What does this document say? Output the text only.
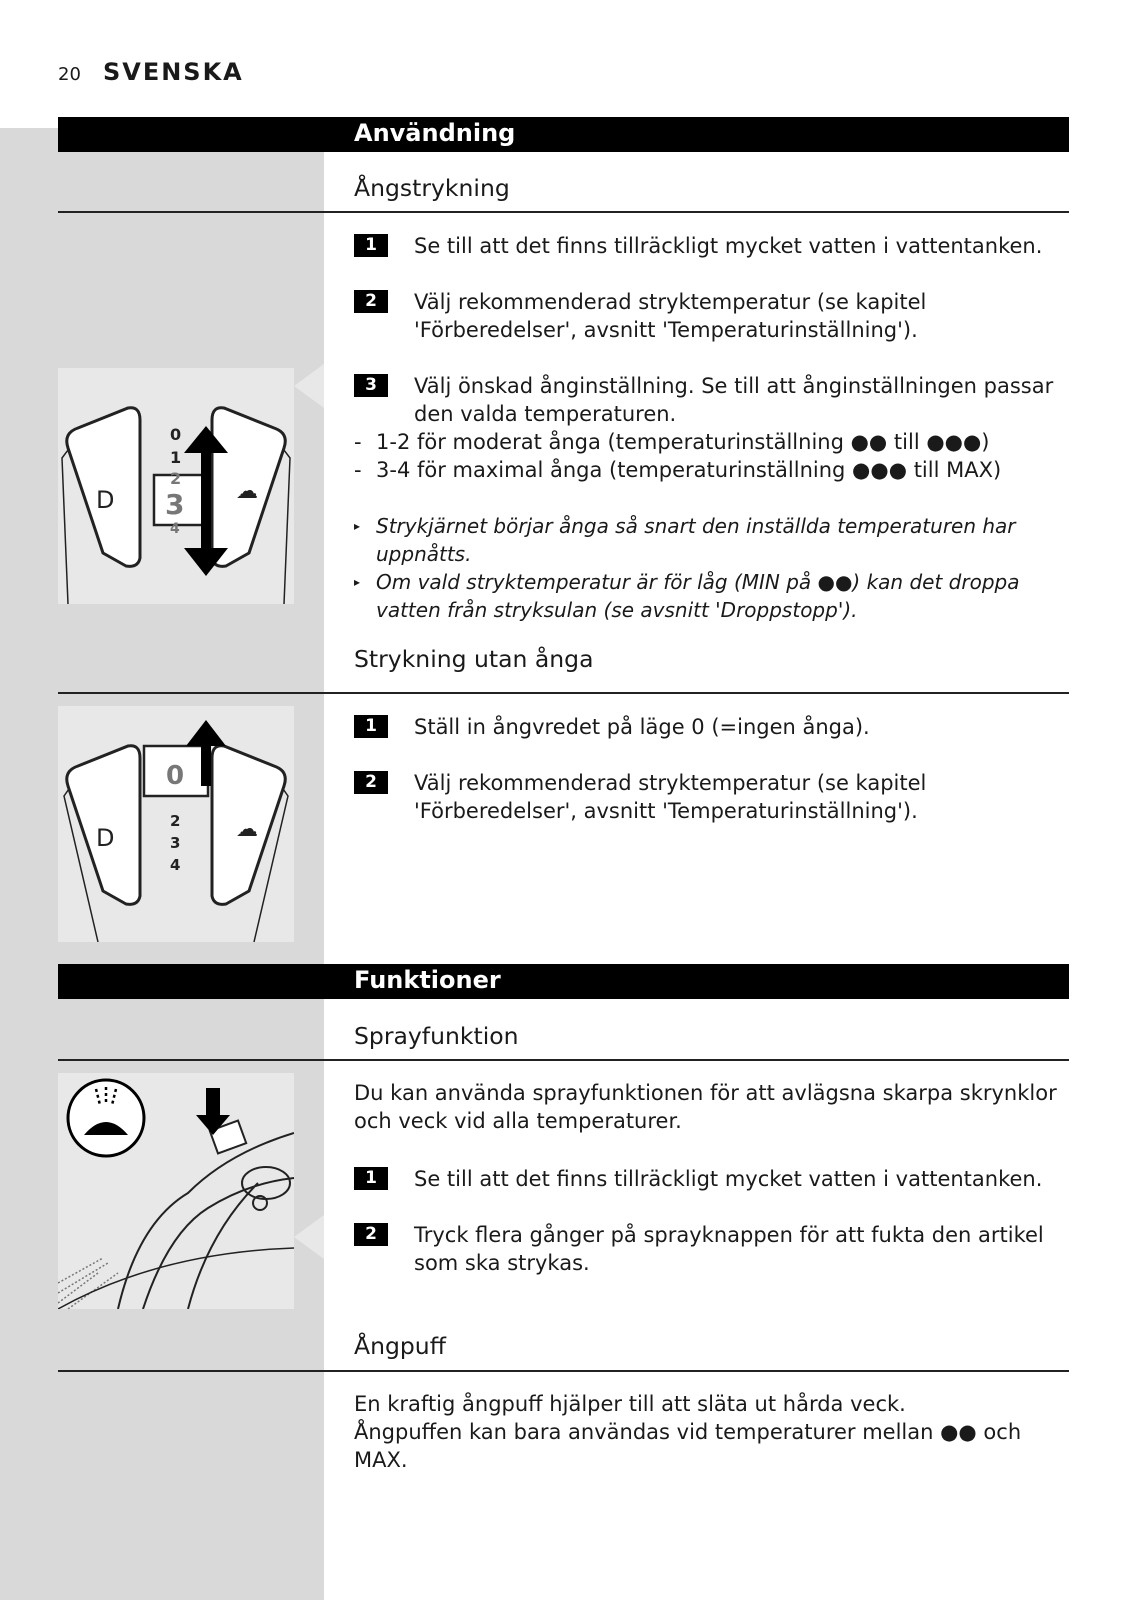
20 SVENSKA
Användning
Ångstrykning
1	Se till att det finns tillräckligt mycket vatten i vattentanken.
2	Välj rekommenderad stryktemperatur (se kapitel 'Förberedelser', avsnitt 'Temperaturinställning').
3	Välj önskad ånginställning. Se till att ånginställningen passar den valda temperaturen.
- 1-2 för moderat ånga (temperaturinställning ●● till ●●●)
- 3-4 för maximal ånga (temperaturinställning ●●● till MAX)
▸ Strykjärnet börjar ånga så snart den inställda temperaturen har uppnåtts.
▸ Om vald stryktemperatur är för låg (MIN på ●●) kan det droppa vatten från stryksulan (se avsnitt 'Droppstopp').
D	☁
0
1
2
3
4
Strykning utan ånga
1	Ställ in ångvredet på läge 0 (=ingen ånga).
2	Välj rekommenderad stryktemperatur (se kapitel 'Förberedelser', avsnitt 'Temperaturinställning').
D	☁
0
2
3
4
Funktioner
Sprayfunktion
Du kan använda sprayfunktionen för att avlägsna skarpa skrynklor och veck vid alla temperaturer.
1	Se till att det finns tillräckligt mycket vatten i vattentanken.
2	Tryck flera gånger på sprayknappen för att fukta den artikel som ska strykas.
Ångpuff
En kraftig ångpuff hjälper till att släta ut hårda veck.
Ångpuffen kan bara användas vid temperaturer mellan ●● och MAX.
